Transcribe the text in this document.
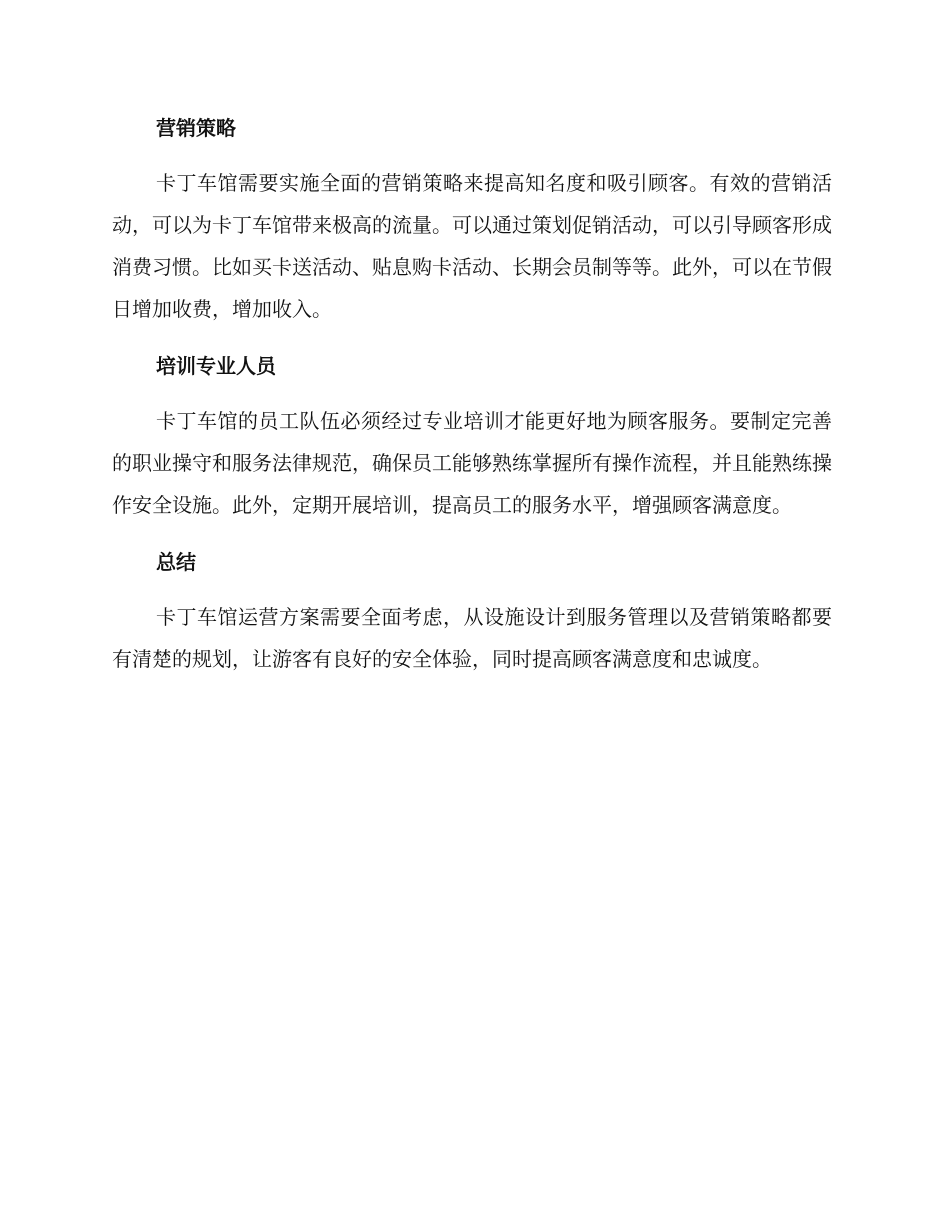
营销策略

卡丁车馆需要实施全面的营销策略来提高知名度和吸引顾客。有效的营销活动，可以为卡丁车馆带来极高的流量。可以通过策划促销活动，可以引导顾客形成消费习惯。比如买卡送活动、贴息购卡活动、长期会员制等等。此外，可以在节假日增加收费，增加收入。

培训专业人员

卡丁车馆的员工队伍必须经过专业培训才能更好地为顾客服务。要制定完善的职业操守和服务法律规范，确保员工能够熟练掌握所有操作流程，并且能熟练操作安全设施。此外，定期开展培训，提高员工的服务水平，增强顾客满意度。

总结

卡丁车馆运营方案需要全面考虑，从设施设计到服务管理以及营销策略都要有清楚的规划，让游客有良好的安全体验，同时提高顾客满意度和忠诚度。
